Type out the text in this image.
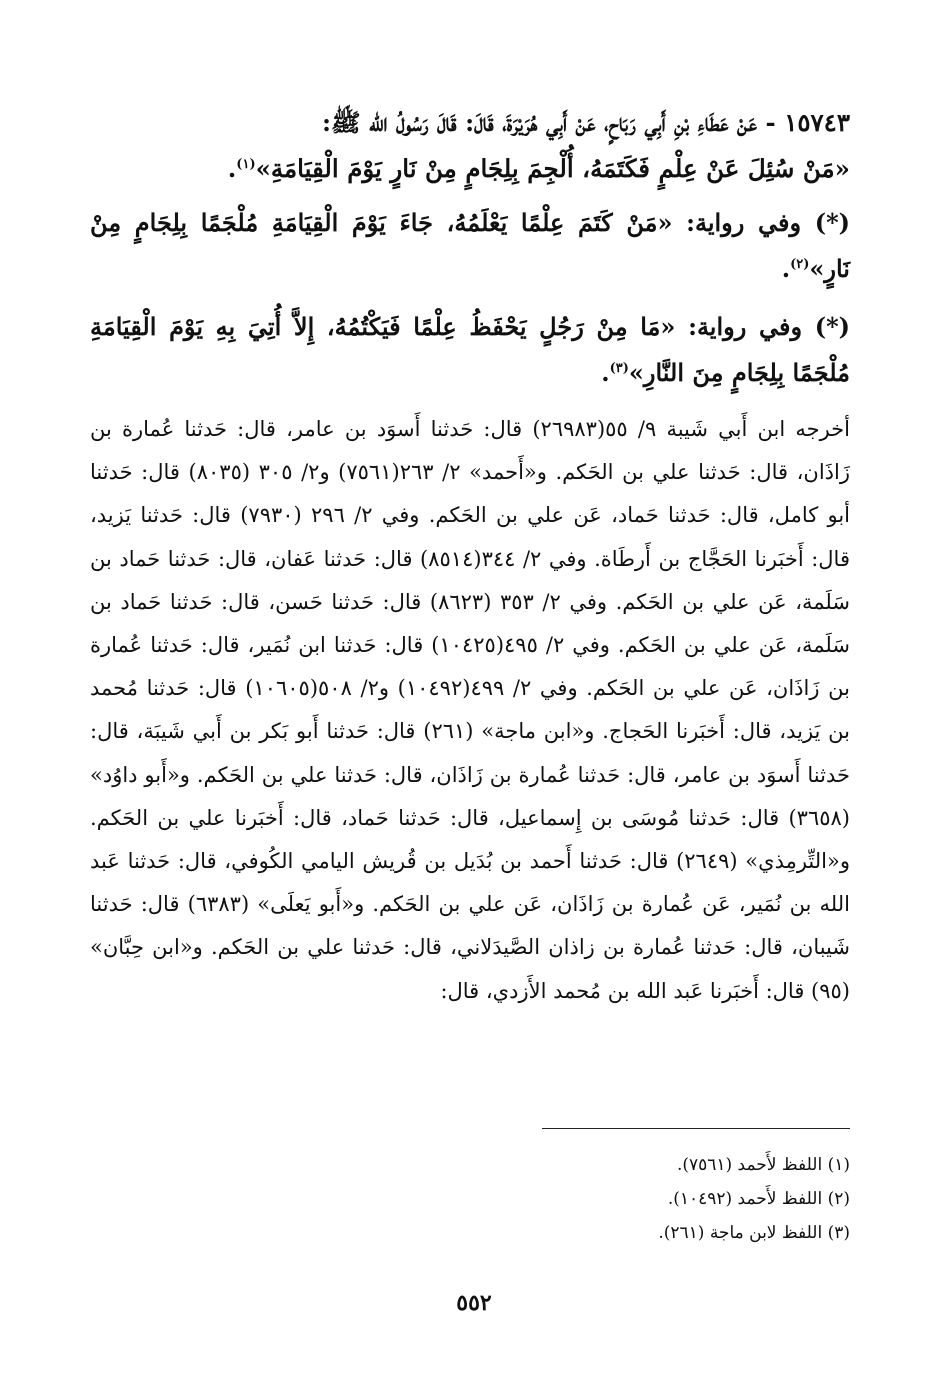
١٥٧٤٣ - عَنْ عَطَاءِ بْنِ أَبِي رَبَاحٍ، عَنْ أَبِي هُرَيْرَةَ، قَالَ: قَالَ رَسُولُ الله ﷺ:

«مَنْ سُئِلَ عَنْ عِلْمٍ فَكَتَمَهُ، أُلْجِمَ بِلِجَامٍ مِنْ نَارٍ يَوْمَ الْقِيَامَةِ»$^{(١)}$.

(*) وفي رواية: «مَنْ كَتَمَ عِلْمًا يَعْلَمُهُ، جَاءَ يَوْمَ الْقِيَامَةِ مُلْجَمًا بِلِجَامٍ مِنْ نَارٍ»$^{(٢)}$.

(*) وفي رواية: «مَا مِنْ رَجُلٍ يَحْفَظُ عِلْمًا فَيَكْتُمُهُ، إِلاَّ أُتِيَ بِهِ يَوْمَ الْقِيَامَةِ مُلْجَمًا بِلِجَامٍ مِنَ النَّارِ»$^{(٣)}$.

أخرجه ابن أَبي شَيبة ٩/ ٥٥(٢٦٩٨٣) قال: حَدثنا أَسوَد بن عامر، قال: حَدثنا عُمارة بن زَاذَان، قال: حَدثنا علي بن الحَكم. و«أَحمد» ٢/ ٢٦٣(٧٥٦١) و٢/ ٣٠٥ (٨٠٣٥) قال: حَدثنا أبو كامل، قال: حَدثنا حَماد، عَن علي بن الحَكم. وفي ٢/ ٢٩٦ (٧٩٣٠) قال: حَدثنا يَزيد، قال: أَخبَرنا الحَجَّاج بن أَرطَاة. وفي ٢/ ٣٤٤(٨٥١٤) قال: حَدثنا عَفان، قال: حَدثنا حَماد بن سَلَمة، عَن علي بن الحَكم. وفي ٢/ ٣٥٣ (٨٦٢٣) قال: حَدثنا حَسن، قال: حَدثنا حَماد بن سَلَمة، عَن علي بن الحَكم. وفي ٢/ ٤٩٥(١٠٤٢٥) قال: حَدثنا ابن نُمَير، قال: حَدثنا عُمارة بن زَاذَان، عَن علي بن الحَكم. وفي ٢/ ٤٩٩(١٠٤٩٢) و٢/ ٥٠٨(١٠٦٠٥) قال: حَدثنا مُحمد بن يَزيد، قال: أَخبَرنا الحَجاج. و«ابن ماجة» (٢٦١) قال: حَدثنا أَبو بَكر بن أَبي شَيبَة، قال: حَدثنا أَسوَد بن عامر، قال: حَدثنا عُمارة بن زَاذَان، قال: حَدثنا علي بن الحَكم. و«أَبو داوُد» (٣٦٥٨) قال: حَدثنا مُوسَى بن إِسماعيل، قال: حَدثنا حَماد، قال: أَخبَرنا علي بن الحَكم. و«التِّرمِذي» (٢٦٤٩) قال: حَدثنا أَحمد بن بُدَيل بن قُريش اليامي الكُوفي، قال: حَدثنا عَبد الله بن نُمَير، عَن عُمارة بن زَاذَان، عَن علي بن الحَكم. و«أَبو يَعلَى» (٦٣٨٣) قال: حَدثنا شَيبان، قال: حَدثنا عُمارة بن زاذان الصَّيدَلاني، قال: حَدثنا علي بن الحَكم. و«ابن حِبَّان» (٩٥) قال: أَخبَرنا عَبد الله بن مُحمد الأَزدي، قال:

(١) اللفظ لأَحمد (٧٥٦١).

(٢) اللفظ لأَحمد (١٠٤٩٢).

(٣) اللفظ لابن ماجة (٢٦١).

٥٥٢
